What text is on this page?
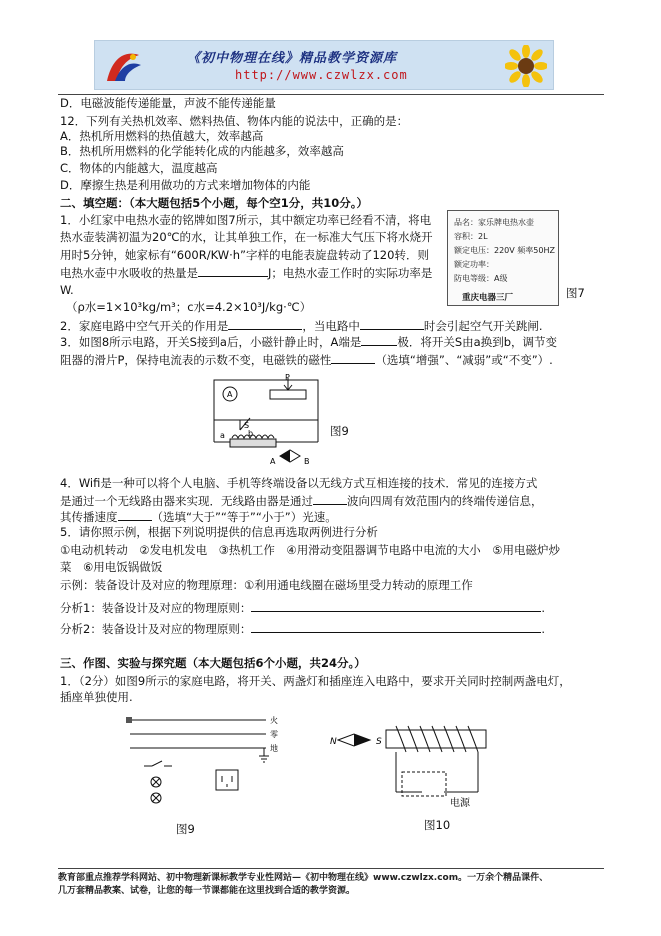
《初中物理在线》精品教学资源库
http://www.czwlzx.com
D．电磁波能传递能量，声波不能传递能量
12．下列有关热机效率、燃料热值、物体内能的说法中，正确的是：
A．热机所用燃料的热值越大，效率越高
B．热机所用燃料的化学能转化成的内能越多，效率越高
C．物体的内能越大，温度越高
D．摩擦生热是利用做功的方式来增加物体的内能
二、填空题：（本大题包括5个小题，每个空1分，共10分。）
1．小红家中电热水壶的铭牌如图7所示，其中额定功率已经看不清，将电
热水壶装满初温为20℃的水，让其单独工作，在一标准大气压下将水烧开
用时5分钟，她家标有“600R/KW·h”字样的电能表旋盘转动了120转．则
电热水壶中水吸收的热量是	J；电热水壶工作时的实际功率是
W.
（ρ水=1×10³kg/m³；c水=4.2×10³J/kg·℃）
品名：家乐牌电热水壶
容积：2L
额定电压：220V 频率50HZ
额定功率：
防电等级：A级
重庆电器三厂	图7
2．家庭电路中空气开关的作用是	，当电路中	时会引起空气开关跳闸.
3．如图8所示电路，开关S接到a后，小磁针静止时，A端是	极．将开关S由a换到b，调节变
阻器的滑片P，保持电流表的示数不变，电磁铁的磁性	（选填“增强”、“减弱”或“不变”）.
A
P
S
a	b
A	B
图9
4．Wifi是一种可以将个人电脑、手机等终端设备以无线方式互相连接的技术．常见的连接方式
是通过一个无线路由器来实现．无线路由器是通过	波向四周有效范围内的终端传递信息，
其传播速度	（选填“大于”“等于”“小于”）光速。
5．请你照示例，根据下列说明提供的信息再选取两例进行分析
①电动机转动　②发电机发电　③热机工作　④用滑动变阻器调节电路中电流的大小　⑤用电磁炉炒
菜　⑥用电饭锅做饭
示例：装备设计及对应的物理原理：①利用通电线圈在磁场里受力转动的原理工作
分析1：装备设计及对应的物理原则：	.
分析2：装备设计及对应的物理原则：	.
三、作图、实验与探究题（本大题包括6个小题，共24分。）
1．（2分）如图9所示的家庭电路，将开关、两盏灯和插座连入电路中，要求开关同时控制两盏电灯，
插座单独使用.
火
零
地
图9
N	S
电源
图10
教育部重点推荐学科网站、初中物理新课标教学专业性网站—《初中物理在线》www.czwlzx.com。一万余个精品课件、
几万套精品教案、试卷，让您的每一节课都能在这里找到合适的教学资源。
